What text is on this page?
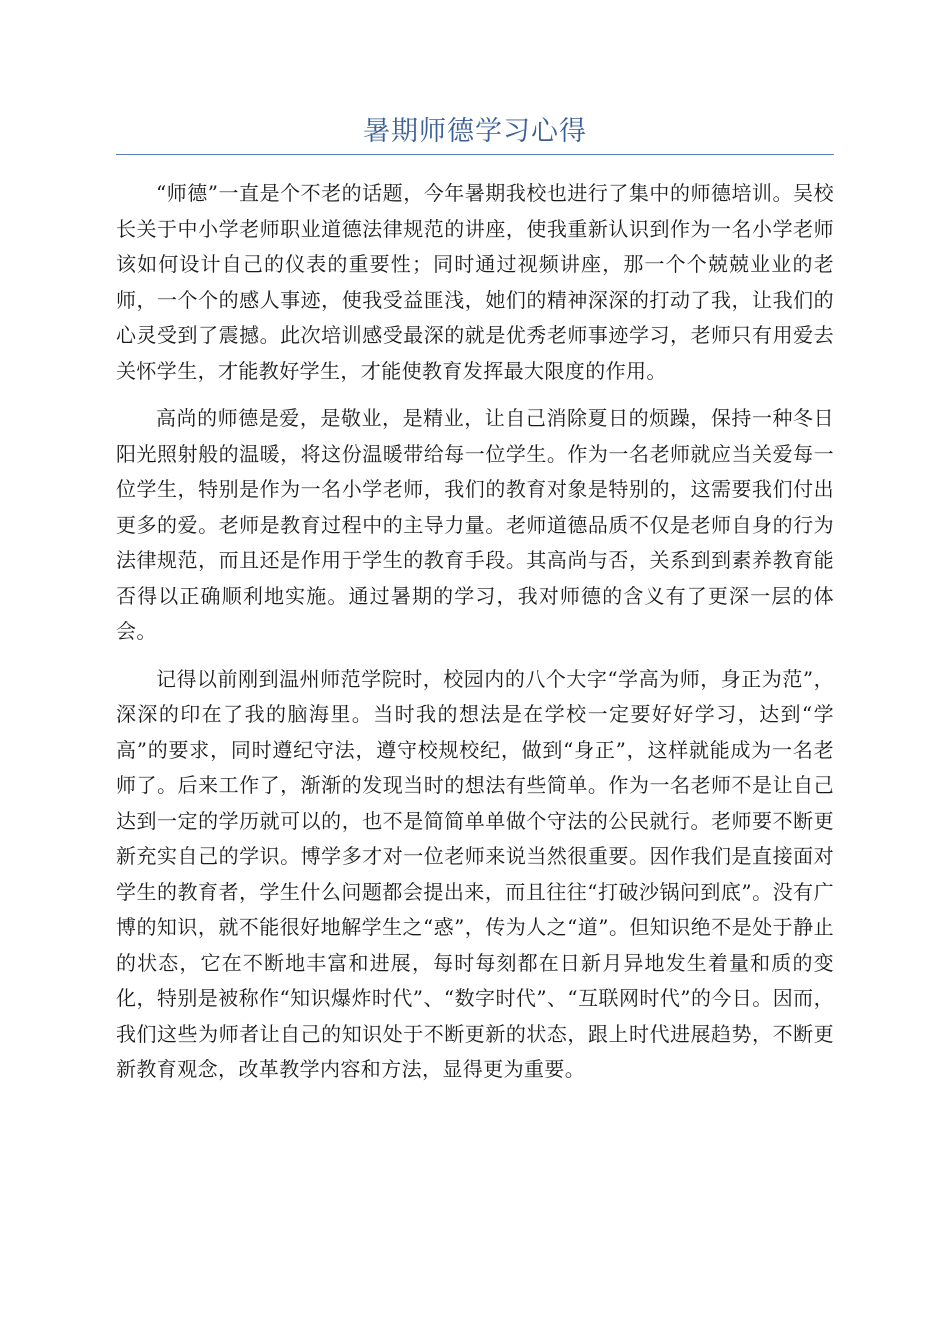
暑期师德学习心得

“师德”一直是个不老的话题，今年暑期我校也进行了集中的师德培训。吴校长关于中小学老师职业道德法律规范的讲座，使我重新认识到作为一名小学老师该如何设计自己的仪表的重要性；同时通过视频讲座，那一个个兢兢业业的老师，一个个的感人事迹，使我受益匪浅，她们的精神深深的打动了我，让我们的心灵受到了震撼。此次培训感受最深的就是优秀老师事迹学习，老师只有用爱去关怀学生，才能教好学生，才能使教育发挥最大限度的作用。

高尚的师德是爱，是敬业，是精业，让自己消除夏日的烦躁，保持一种冬日阳光照射般的温暖，将这份温暖带给每一位学生。作为一名老师就应当关爱每一位学生，特别是作为一名小学老师，我们的教育对象是特别的，这需要我们付出更多的爱。老师是教育过程中的主导力量。老师道德品质不仅是老师自身的行为法律规范，而且还是作用于学生的教育手段。其高尚与否，关系到到素养教育能否得以正确顺利地实施。通过暑期的学习，我对师德的含义有了更深一层的体会。

记得以前刚到温州师范学院时，校园内的八个大字“学高为师，身正为范”，深深的印在了我的脑海里。当时我的想法是在学校一定要好好学习，达到“学高”的要求，同时遵纪守法，遵守校规校纪，做到“身正”，这样就能成为一名老师了。后来工作了，渐渐的发现当时的想法有些简单。作为一名老师不是让自己达到一定的学历就可以的，也不是简简单单做个守法的公民就行。老师要不断更新充实自己的学识。博学多才对一位老师来说当然很重要。因作我们是直接面对学生的教育者，学生什么问题都会提出来，而且往往“打破沙锅问到底”。没有广博的知识，就不能很好地解学生之“惑”，传为人之“道”。但知识绝不是处于静止的状态，它在不断地丰富和进展，每时每刻都在日新月异地发生着量和质的变化，特别是被称作“知识爆炸时代”、“数字时代”、“互联网时代”的今日。因而，我们这些为师者让自己的知识处于不断更新的状态，跟上时代进展趋势，不断更新教育观念，改革教学内容和方法，显得更为重要。
